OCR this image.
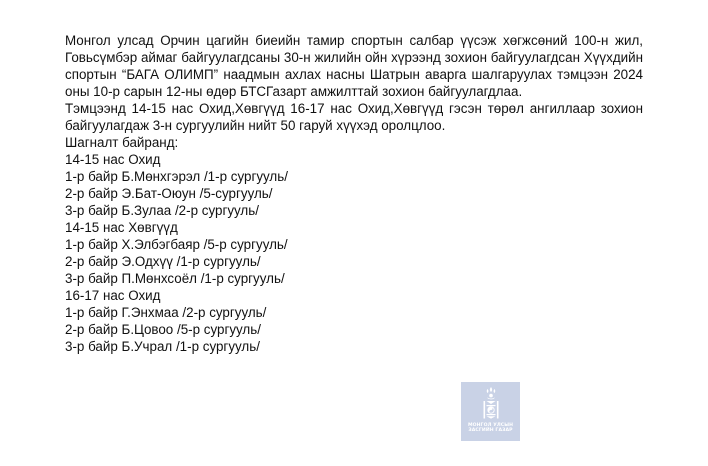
Монгол улсад Орчин цагийн биеийн тамир спортын салбар үүсэж хөгжсөний 100-н жил, Говьсүмбэр аймаг байгуулагдсаны 30-н жилийн ойн хүрээнд зохион байгуулагдсан Хүүхдийн спортын “БАГА ОЛИМП” наадмын ахлах насны Шатрын аварга шалгаруулах тэмцээн 2024 оны 10-р сарын 12-ны өдөр БТСГазарт амжилттай зохион байгуулагдлаа.

Тэмцээнд 14-15 нас Охид,Хөвгүүд 16-17 нас Охид,Хөвгүүд гэсэн төрөл ангиллаар зохион байгуулагдаж 3-н сургуулийн нийт 50 гаруй хүүхэд оролцлоо.

Шагналт байранд:

14-15 нас Охид

1-р байр Б.Мөнхгэрэл /1-р сургууль/

2-р байр Э.Бат-Оюун /5-сургууль/

3-р байр Б.Зулаа /2-р сургууль/

14-15 нас Хөвгүүд

1-р байр Х.Элбэгбаяр /5-р сургууль/

2-р байр Э.Одхүү /1-р сургууль/

3-р байр П.Мөнхсоёл /1-р сургууль/

16-17 нас Охид

1-р байр Г.Энхмаа /2-р сургууль/

2-р байр Б.Цовоо /5-р сургууль/

3-р байр Б.Учрал /1-р сургууль/

МОНГОЛ УЛСЫН
ЗАСГИЙН ГАЗАР
